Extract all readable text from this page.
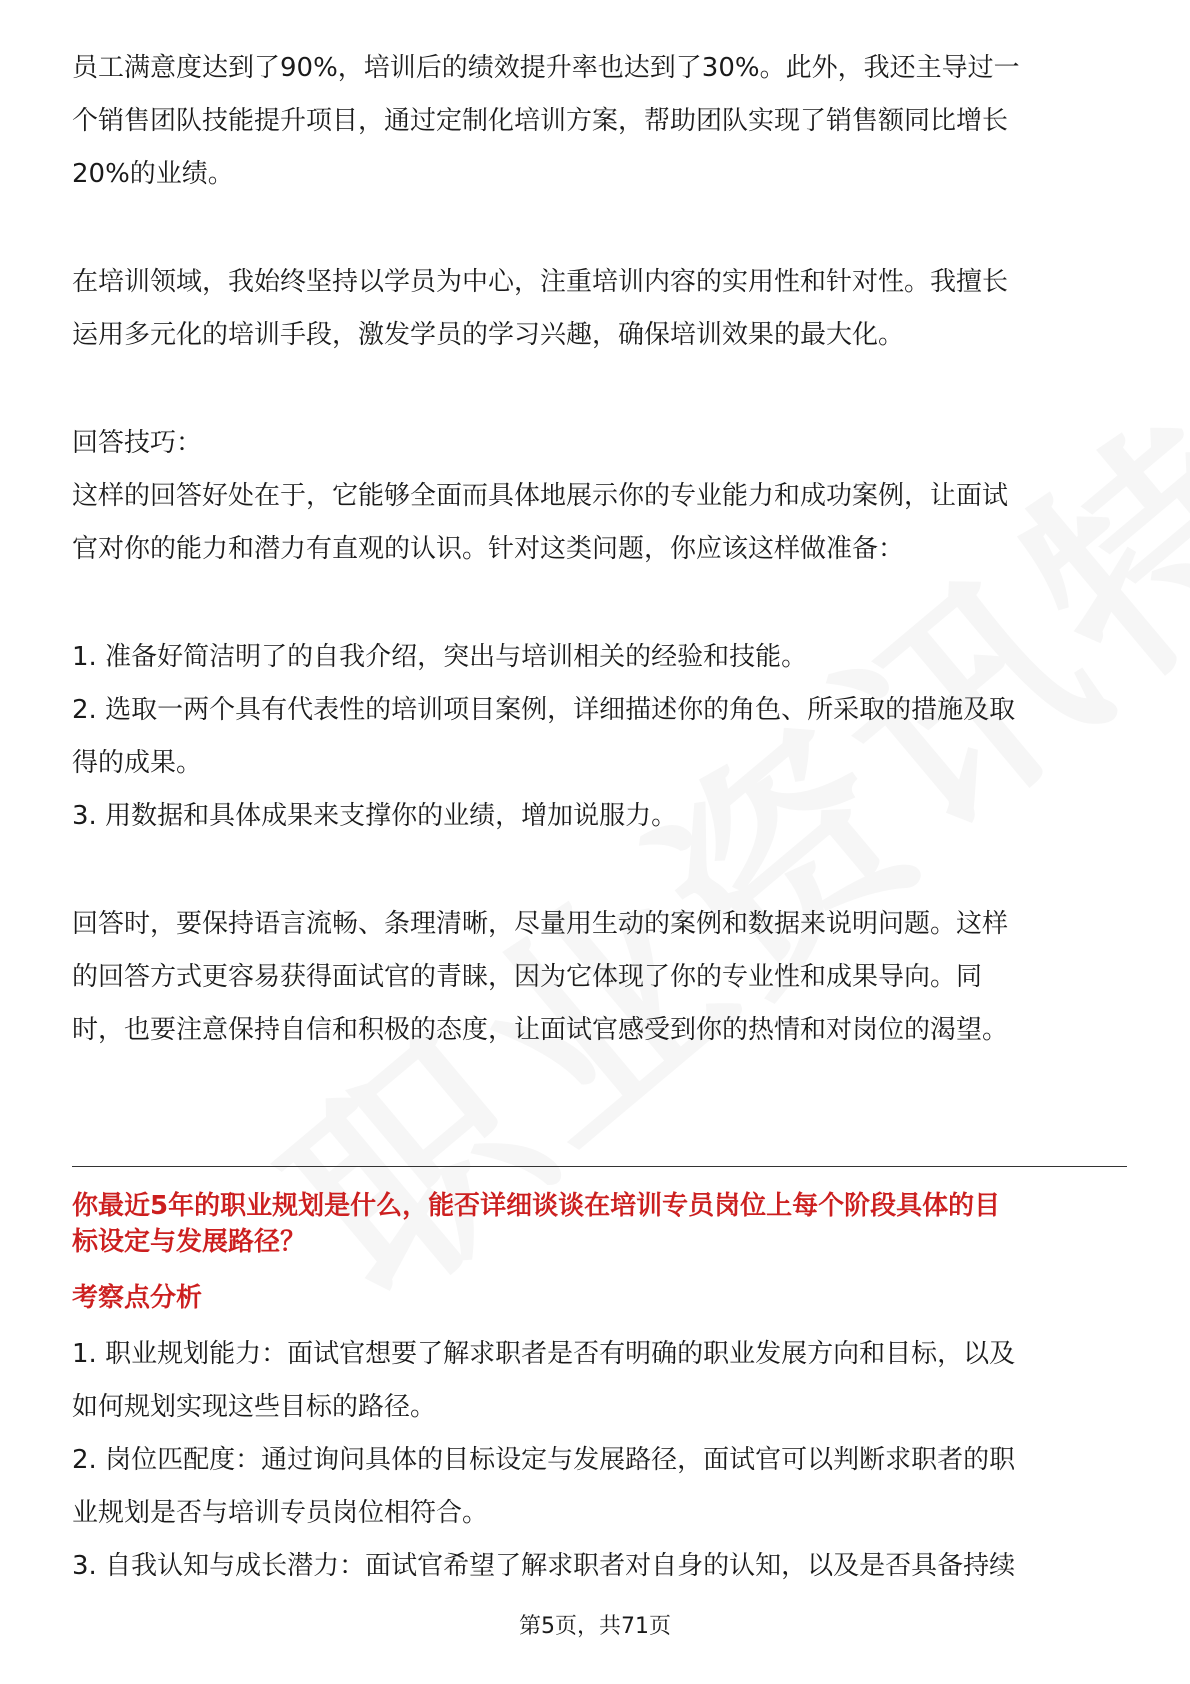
员工满意度达到了90%，培训后的绩效提升率也达到了30%。此外，我还主导过一
个销售团队技能提升项目，通过定制化培训方案，帮助团队实现了销售额同比增长
20%的业绩。
在培训领域，我始终坚持以学员为中心，注重培训内容的实用性和针对性。我擅长
运用多元化的培训手段，激发学员的学习兴趣，确保培训效果的最大化。
回答技巧：
这样的回答好处在于，它能够全面而具体地展示你的专业能力和成功案例，让面试
官对你的能力和潜力有直观的认识。针对这类问题，你应该这样做准备：
1. 准备好简洁明了的自我介绍，突出与培训相关的经验和技能。
2. 选取一两个具有代表性的培训项目案例，详细描述你的角色、所采取的措施及取
得的成果。
3. 用数据和具体成果来支撑你的业绩，增加说服力。
回答时，要保持语言流畅、条理清晰，尽量用生动的案例和数据来说明问题。这样
的回答方式更容易获得面试官的青睐，因为它体现了你的专业性和成果导向。同
时，也要注意保持自信和积极的态度，让面试官感受到你的热情和对岗位的渴望。
你最近5年的职业规划是什么，能否详细谈谈在培训专员岗位上每个阶段具体的目
标设定与发展路径？
考察点分析
1. 职业规划能力：面试官想要了解求职者是否有明确的职业发展方向和目标，以及
如何规划实现这些目标的路径。
2. 岗位匹配度：通过询问具体的目标设定与发展路径，面试官可以判断求职者的职
业规划是否与培训专员岗位相符合。
3. 自我认知与成长潜力：面试官希望了解求职者对自身的认知，以及是否具备持续
第5页，共71页
